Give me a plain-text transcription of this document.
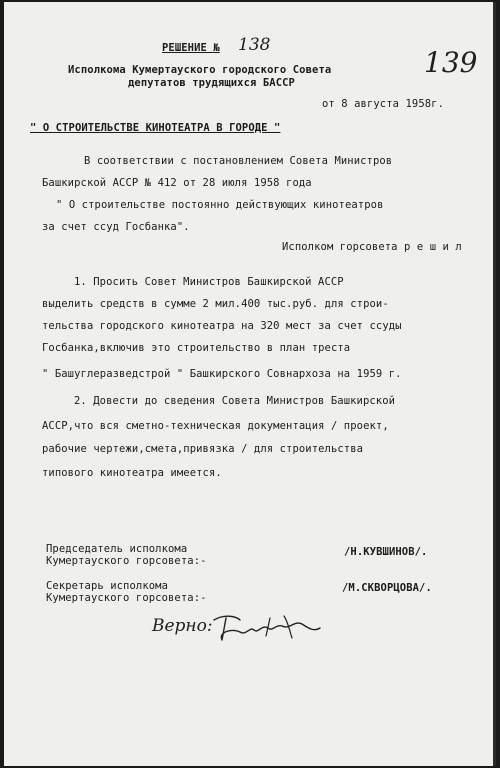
РЕШЕНИЕ № 138
139
Исполкома Кумертауского городского Совета
депутатов трудящихся БАССР
от 8 августа 1958г.
" О СТРОИТЕЛЬСТВЕ КИНОТЕАТРА В ГОРОДЕ "
В соответствии с постановлением Совета Министров
Башкирской АССР № 412 от 28 июля 1958 года
" О строительстве постоянно действующих кинотеатров
за счет ссуд Госбанка".
Исполком горсовета р е ш и л
1. Просить Совет Министров Башкирской АССР
выделить средств в сумме 2 мил.400 тыс.руб. для строи-
тельства городского кинотеатра на 320 мест за счет ссуды
Госбанка,включив это строительство в план треста
" Башуглеразведстрой " Башкирского Совнархоза на 1959 г.
2. Довести до сведения Совета Министров Башкирской
АССР,что вся сметно-техническая документация / проект,
рабочие чертежи,смета,привязка / для строительства
типового кинотеатра имеется.
Председатель исполкома
Кумертауского горсовета:-
/Н.КУВШИНОВ/.
Секретарь исполкома
Кумертауского горсовета:-
/М.СКВОРЦОВА/.
Верно:
